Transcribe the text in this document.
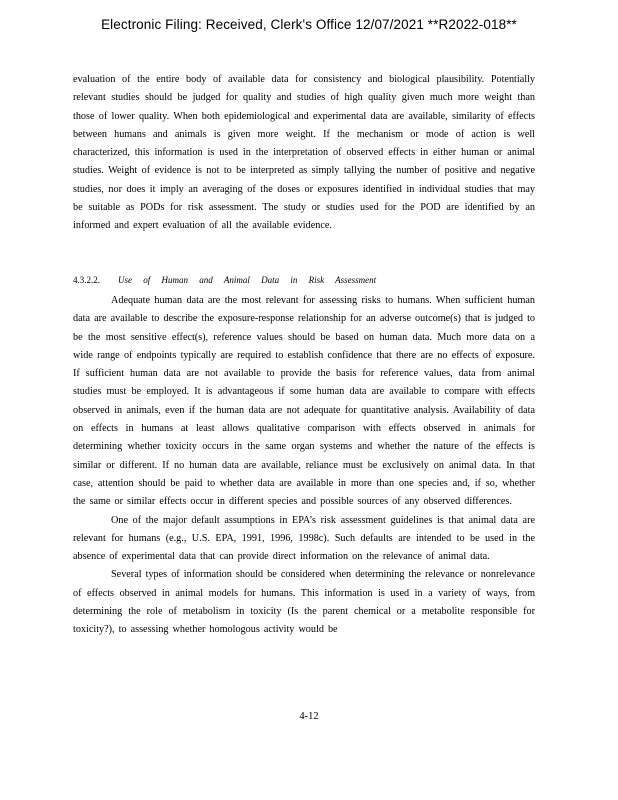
Electronic Filing: Received, Clerk's Office 12/07/2021 **R2022-018**

evaluation of the entire body of available data for consistency and biological plausibility. Potentially relevant studies should be judged for quality and studies of high quality given much more weight than those of lower quality. When both epidemiological and experimental data are available, similarity of effects between humans and animals is given more weight. If the mechanism or mode of action is well characterized, this information is used in the interpretation of observed effects in either human or animal studies. Weight of evidence is not to be interpreted as simply tallying the number of positive and negative studies, nor does it imply an averaging of the doses or exposures identified in individual studies that may be suitable as PODs for risk assessment. The study or studies used for the POD are identified by an informed and expert evaluation of all the available evidence.

4.3.2.2. Use of Human and Animal Data in Risk Assessment

Adequate human data are the most relevant for assessing risks to humans. When sufficient human data are available to describe the exposure-response relationship for an adverse outcome(s) that is judged to be the most sensitive effect(s), reference values should be based on human data. Much more data on a wide range of endpoints typically are required to establish confidence that there are no effects of exposure. If sufficient human data are not available to provide the basis for reference values, data from animal studies must be employed. It is advantageous if some human data are available to compare with effects observed in animals, even if the human data are not adequate for quantitative analysis. Availability of data on effects in humans at least allows qualitative comparison with effects observed in animals for determining whether toxicity occurs in the same organ systems and whether the nature of the effects is similar or different. If no human data are available, reliance must be exclusively on animal data. In that case, attention should be paid to whether data are available in more than one species and, if so, whether the same or similar effects occur in different species and possible sources of any observed differences.

One of the major default assumptions in EPA’s risk assessment guidelines is that animal data are relevant for humans (e.g., U.S. EPA, 1991, 1996, 1998c). Such defaults are intended to be used in the absence of experimental data that can provide direct information on the relevance of animal data.

Several types of information should be considered when determining the relevance or nonrelevance of effects observed in animal models for humans. This information is used in a variety of ways, from determining the role of metabolism in toxicity (Is the parent chemical or a metabolite responsible for toxicity?), to assessing whether homologous activity would be

4-12
